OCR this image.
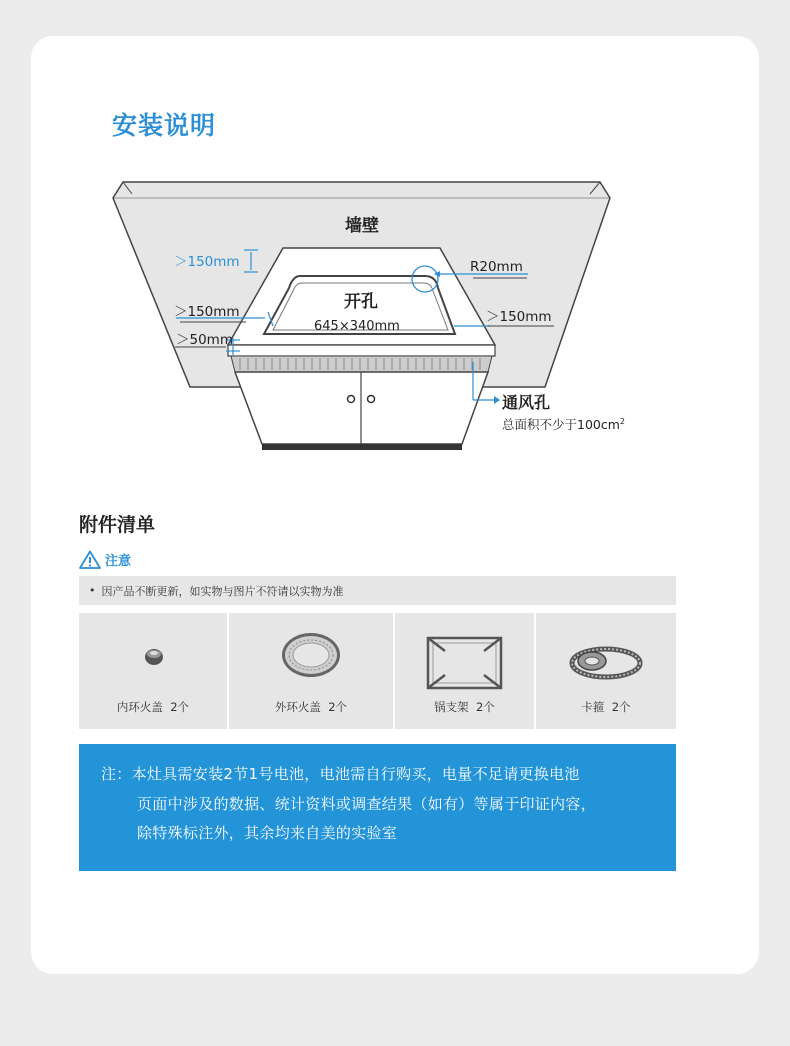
安装说明
墙壁
＞150mm
＞150mm
＞50mm
R20mm
＞150mm
开孔
645×340mm
通风孔
总面积不少于$100cm^2$
附件清单
注意
• 因产品不断更新，如实物与图片不符请以实物为准
内环火盖 2个	外环火盖 2个	锅支架 2个	卡箍 2个
注：本灶具需安装2节1号电池，电池需自行购买，电量不足请更换电池
页面中涉及的数据、统计资料或调查结果（如有）等属于印证内容，
除特殊标注外，其余均来自美的实验室
